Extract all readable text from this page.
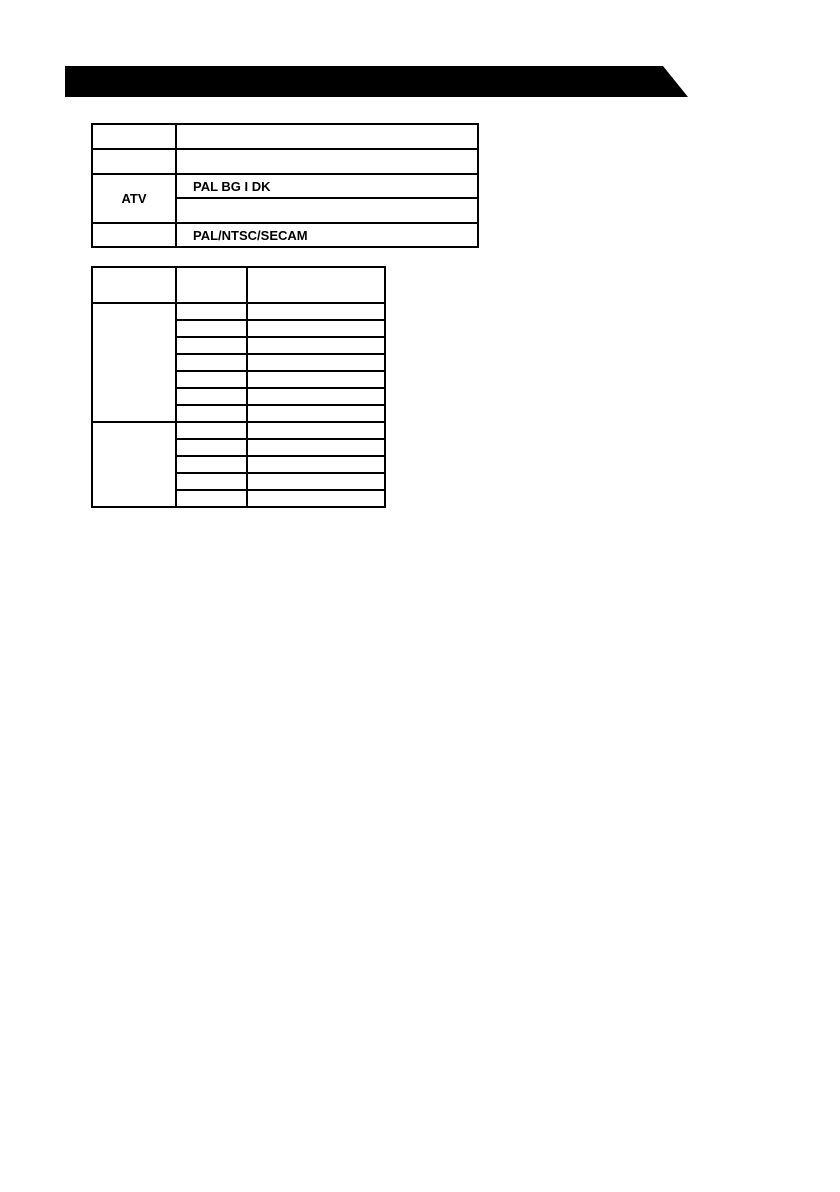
ATV	PAL BG I DK

	PAL/NTSC/SECAM
